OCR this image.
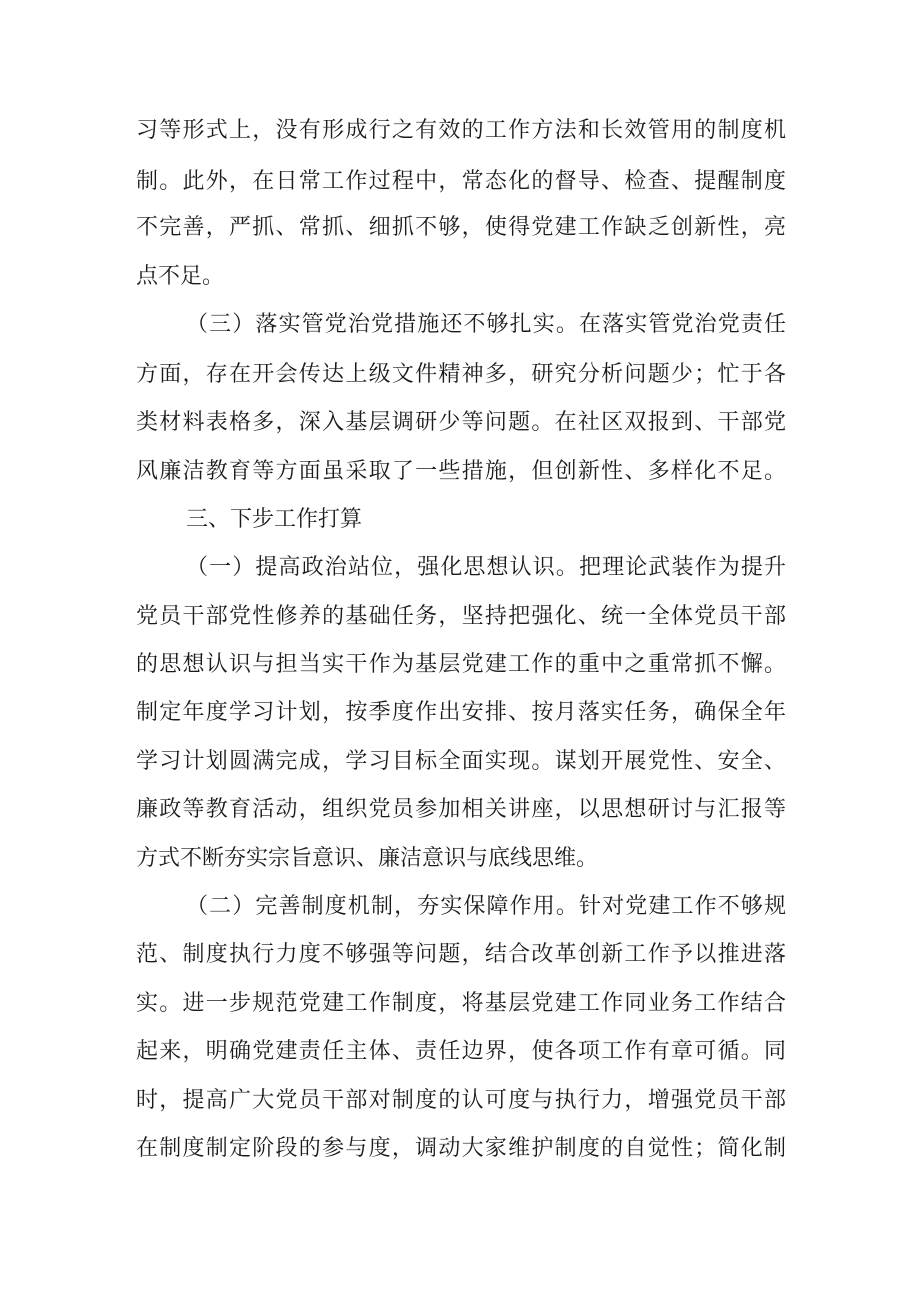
习等形式上，没有形成行之有效的工作方法和长效管用的制度机
制。此外，在日常工作过程中，常态化的督导、检查、提醒制度
不完善，严抓、常抓、细抓不够，使得党建工作缺乏创新性，亮
点不足。
（三）落实管党治党措施还不够扎实。在落实管党治党责任
方面，存在开会传达上级文件精神多，研究分析问题少；忙于各
类材料表格多，深入基层调研少等问题。在社区双报到、干部党
风廉洁教育等方面虽采取了一些措施，但创新性、多样化不足。
三、下步工作打算
（一）提高政治站位，强化思想认识。把理论武装作为提升
党员干部党性修养的基础任务，坚持把强化、统一全体党员干部
的思想认识与担当实干作为基层党建工作的重中之重常抓不懈。
制定年度学习计划，按季度作出安排、按月落实任务，确保全年
学习计划圆满完成，学习目标全面实现。谋划开展党性、安全、
廉政等教育活动，组织党员参加相关讲座，以思想研讨与汇报等
方式不断夯实宗旨意识、廉洁意识与底线思维。
（二）完善制度机制，夯实保障作用。针对党建工作不够规
范、制度执行力度不够强等问题，结合改革创新工作予以推进落
实。进一步规范党建工作制度，将基层党建工作同业务工作结合
起来，明确党建责任主体、责任边界，使各项工作有章可循。同
时，提高广大党员干部对制度的认可度与执行力，增强党员干部
在制度制定阶段的参与度，调动大家维护制度的自觉性；简化制
